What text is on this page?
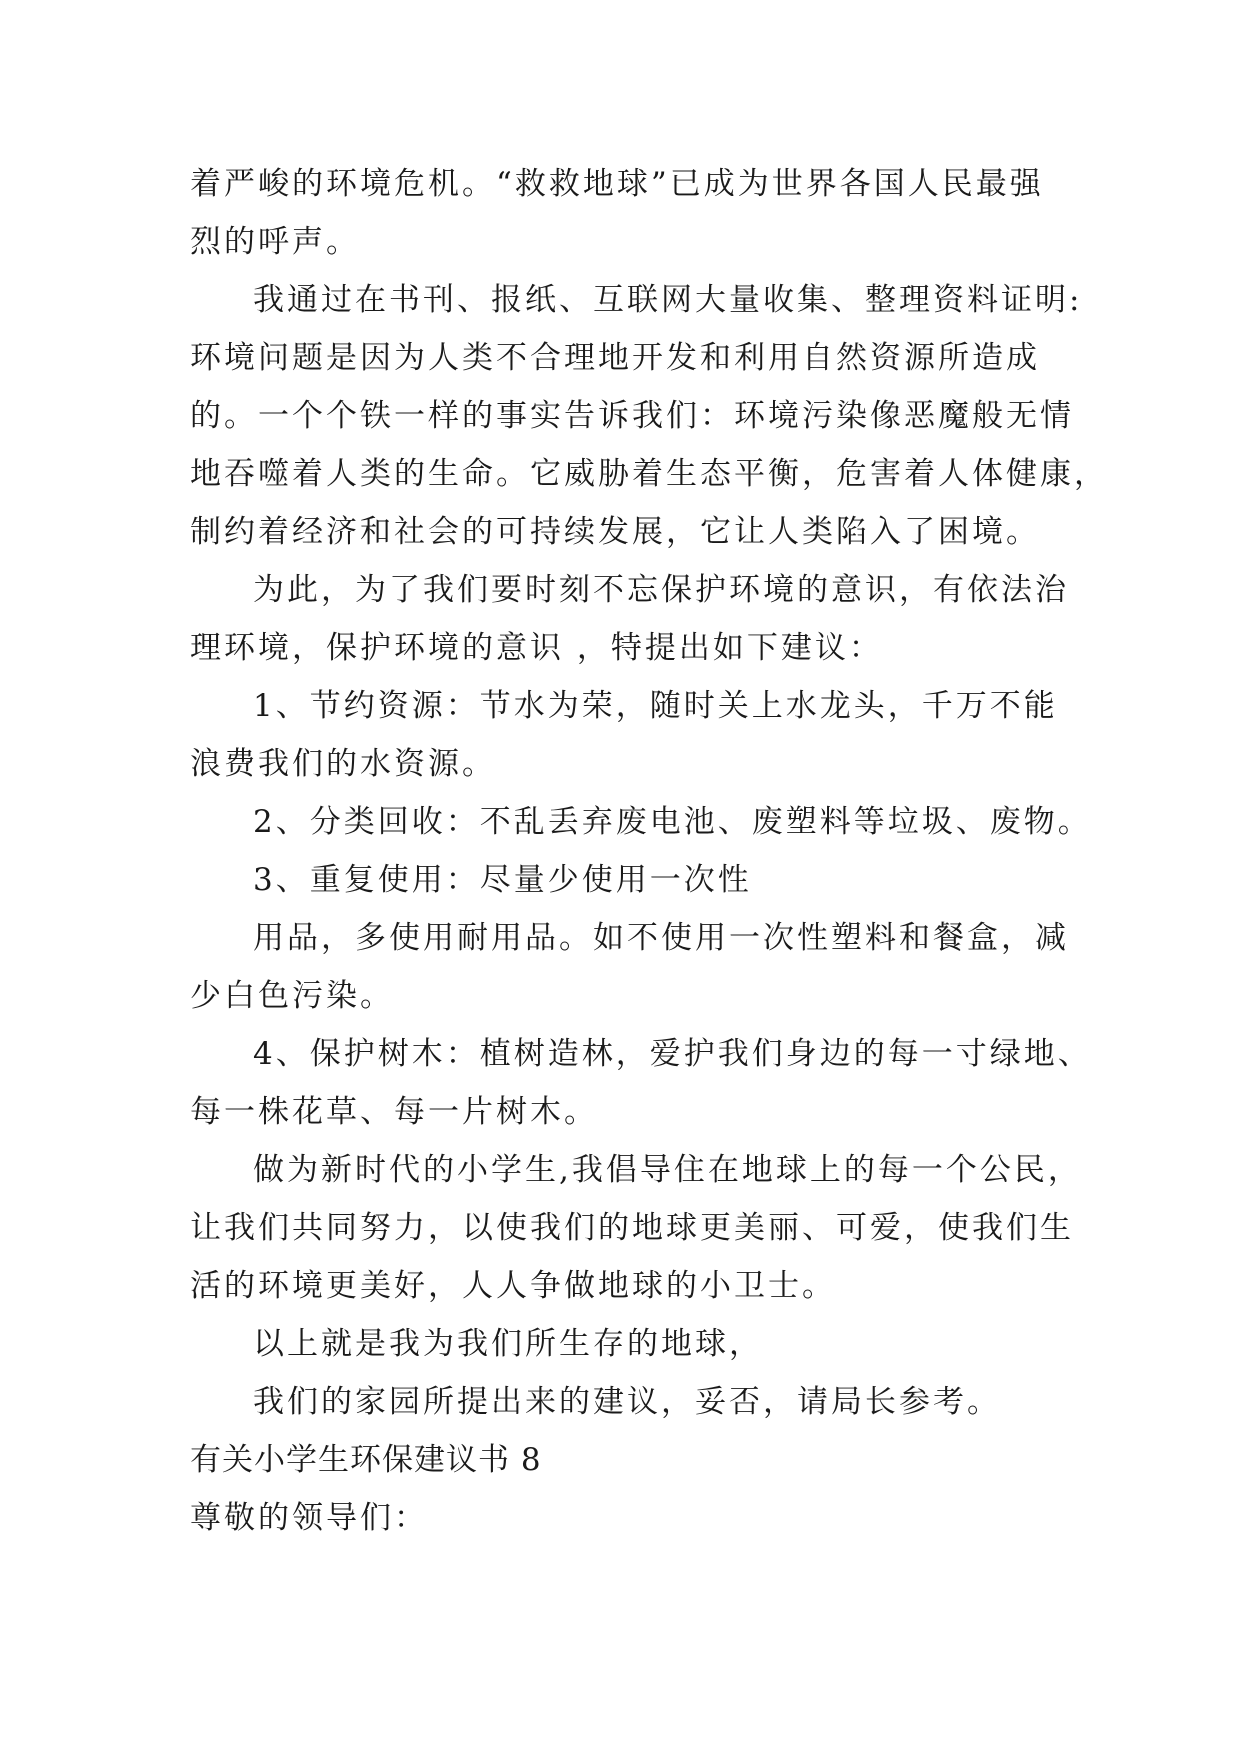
着严峻的环境危机。“救救地球”已成为世界各国人民最强
烈的呼声。
我通过在书刊、报纸、互联网大量收集、整理资料证明:
环境问题是因为人类不合理地开发和利用自然资源所造成
的。一个个铁一样的事实告诉我们：环境污染像恶魔般无情
地吞噬着人类的生命。它威胁着生态平衡，危害着人体健康，
制约着经济和社会的可持续发展，它让人类陷入了困境。
为此，为了我们要时刻不忘保护环境的意识，有依法治
理环境，保护环境的意识 ，特提出如下建议：
1、节约资源：节水为荣，随时关上水龙头，千万不能
浪费我们的水资源。
2、分类回收：不乱丢弃废电池、废塑料等垃圾、废物。
3、重复使用：尽量少使用一次性
用品，多使用耐用品。如不使用一次性塑料和餐盒，减
少白色污染。
4、保护树木：植树造林，爱护我们身边的每一寸绿地、
每一株花草、每一片树木。
做为新时代的小学生,我倡导住在地球上的每一个公民，
让我们共同努力，以使我们的地球更美丽、可爱，使我们生
活的环境更美好，人人争做地球的小卫士。
以上就是我为我们所生存的地球，
我们的家园所提出来的建议，妥否，请局长参考。
有关小学生环保建议书 8
尊敬的领导们：
